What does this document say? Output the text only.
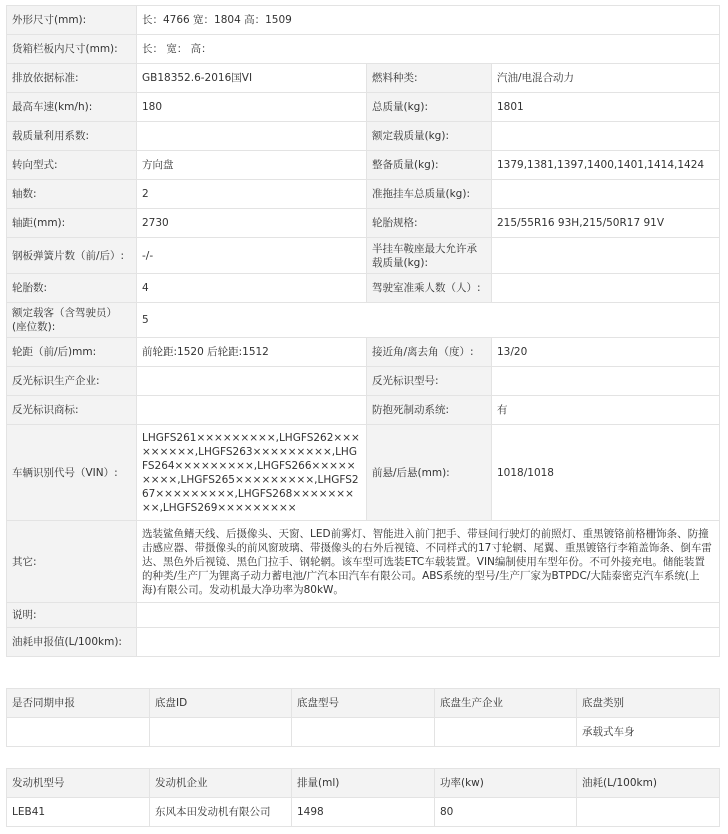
外形尺寸(mm):	长：4766 宽：1804 高：1509		
货箱栏板内尺寸(mm):	长： 宽： 高：		
排放依据标准:	GB18352.6-2016国VI	燃料种类:	汽油/电混合动力
最高车速(km/h):	180	总质量(kg):	1801
载质量利用系数:		额定载质量(kg):	
转向型式:	方向盘	整备质量(kg):	1379,1381,1397,1400,1401,1414,1424
轴数:	2	准拖挂车总质量(kg):	
轴距(mm):	2730	轮胎规格:	215/55R16 93H,215/50R17 91V
钢板弹簧片数（前/后）:	-/-	半挂车鞍座最大允许承载质量(kg):	
轮胎数:	4	驾驶室准乘人数（人）:	
额定载客（含驾驶员）(座位数):	5		
轮距（前/后)mm:	前轮距:1520 后轮距:1512	接近角/离去角（度）:	13/20
反光标识生产企业:		反光标识型号:	
反光标识商标:		防抱死制动系统:	有
车辆识别代号（VIN）:	LHGFS261×××××××××,LHGFS262×××××××××,LHGFS263×××××××××,LHGFS264×××××××××,LHGFS266×××××××××,LHGFS265×××××××××,LHGFS267×××××××××,LHGFS268×××××××××,LHGFS269×××××××××	前悬/后悬(mm):	1018/1018
其它:	选装鲨鱼鳍天线、后摄像头、天窗、LED前雾灯、智能进入前门把手、带昼间行驶灯的前照灯、重黑镀铬前格栅饰条、防撞击感应器、带摄像头的前风窗玻璃、带摄像头的右外后视镜、不同样式的17寸轮辋、尾翼、重黑镀铬行李箱盖饰条、倒车雷达、黑色外后视镜、黑色门拉手、钢轮辋。该车型可选装ETC车载装置。VIN编制使用车型年份。不可外接充电。储能装置的种类/生产厂为锂离子动力蓄电池/广汽本田汽车有限公司。ABS系统的型号/生产厂家为BTPDC/大陆泰密克汽车系统(上海)有限公司。发动机最大净功率为80kW。		
说明:			
油耗申报值(L/100km):			
是否同期申报	底盘ID	底盘型号	底盘生产企业	底盘类别
				承载式车身
发动机型号	发动机企业	排量(ml)	功率(kw)	油耗(L/100km)
LEB41	东风本田发动机有限公司	1498	80	
